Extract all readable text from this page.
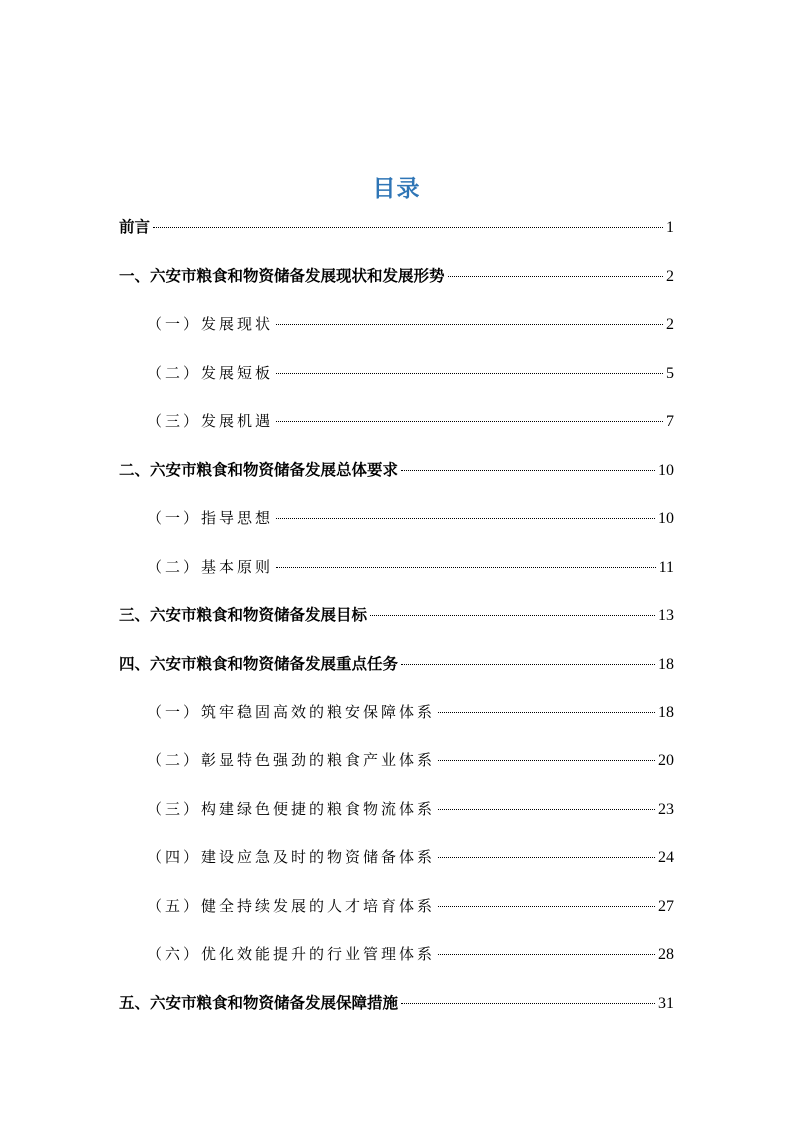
目录
前言	1
一、六安市粮食和物资储备发展现状和发展形势	2
（一）发展现状	2
（二）发展短板	5
（三）发展机遇	7
二、六安市粮食和物资储备发展总体要求	10
（一）指导思想	10
（二）基本原则	11
三、六安市粮食和物资储备发展目标	13
四、六安市粮食和物资储备发展重点任务	18
（一）筑牢稳固高效的粮安保障体系	18
（二）彰显特色强劲的粮食产业体系	20
（三）构建绿色便捷的粮食物流体系	23
（四）建设应急及时的物资储备体系	24
（五）健全持续发展的人才培育体系	27
（六）优化效能提升的行业管理体系	28
五、六安市粮食和物资储备发展保障措施	31
